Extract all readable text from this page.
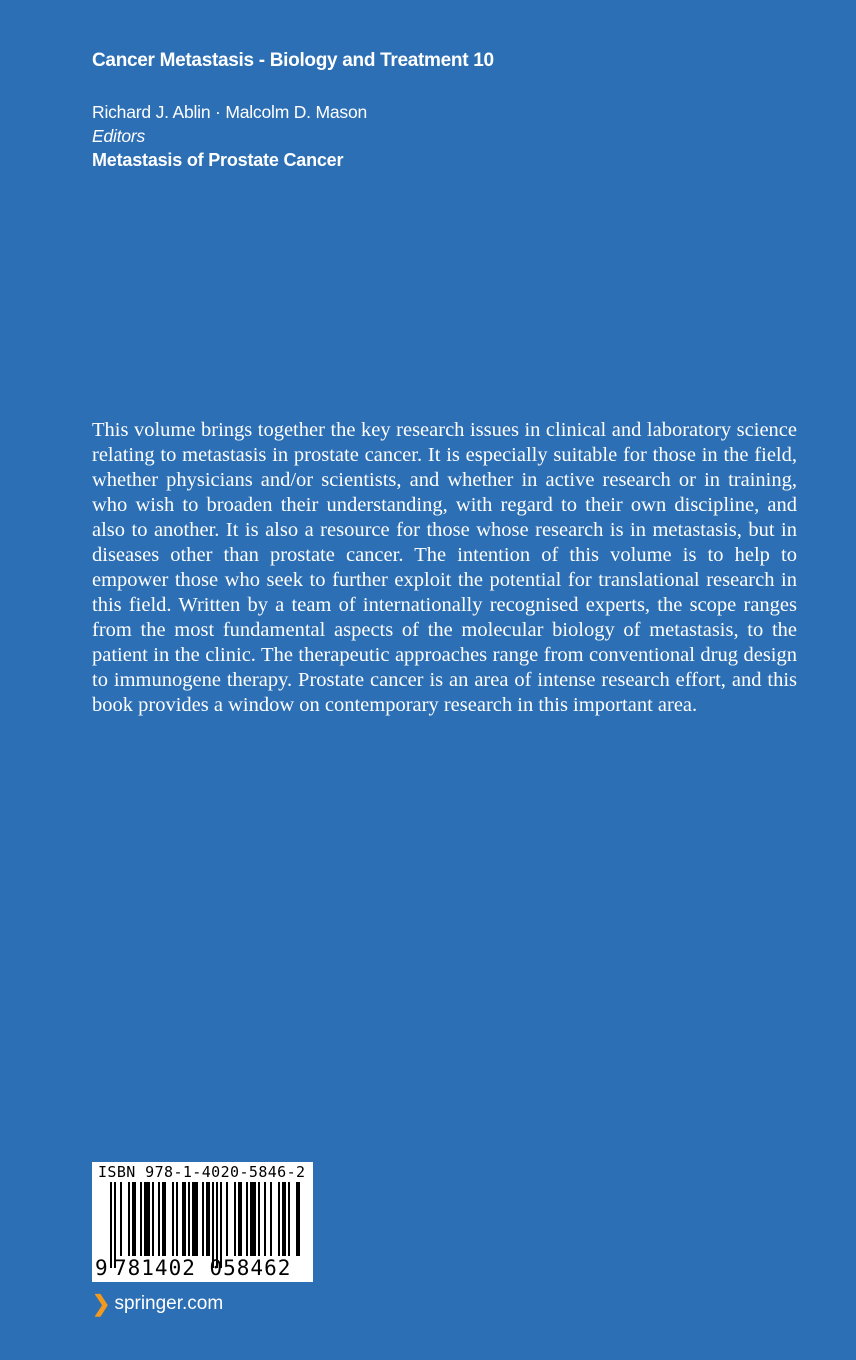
Cancer Metastasis - Biology and Treatment 10
Richard J. Ablin · Malcolm D. Mason
Editors
Metastasis of Prostate Cancer
This volume brings together the key research issues in clinical and laboratory science relating to metastasis in prostate cancer. It is especially suitable for those in the field, whether physicians and/or scientists, and whether in active research or in training, who wish to broaden their understanding, with regard to their own discipline, and also to another. It is also a resource for those whose research is in metastasis, but in diseases other than prostate cancer. The intention of this volume is to help to empower those who seek to further exploit the potential for translational research in this field. Written by a team of internationally recognised experts, the scope ranges from the most fundamental aspects of the molecular biology of metastasis, to the patient in the clinic. The therapeutic approaches range from conventional drug design to immunogene therapy. Prostate cancer is an area of intense research effort, and this book provides a window on contemporary research in this important area.
ISBN 978-1-4020-5846-2
9 781402 058462
❯ springer.com
